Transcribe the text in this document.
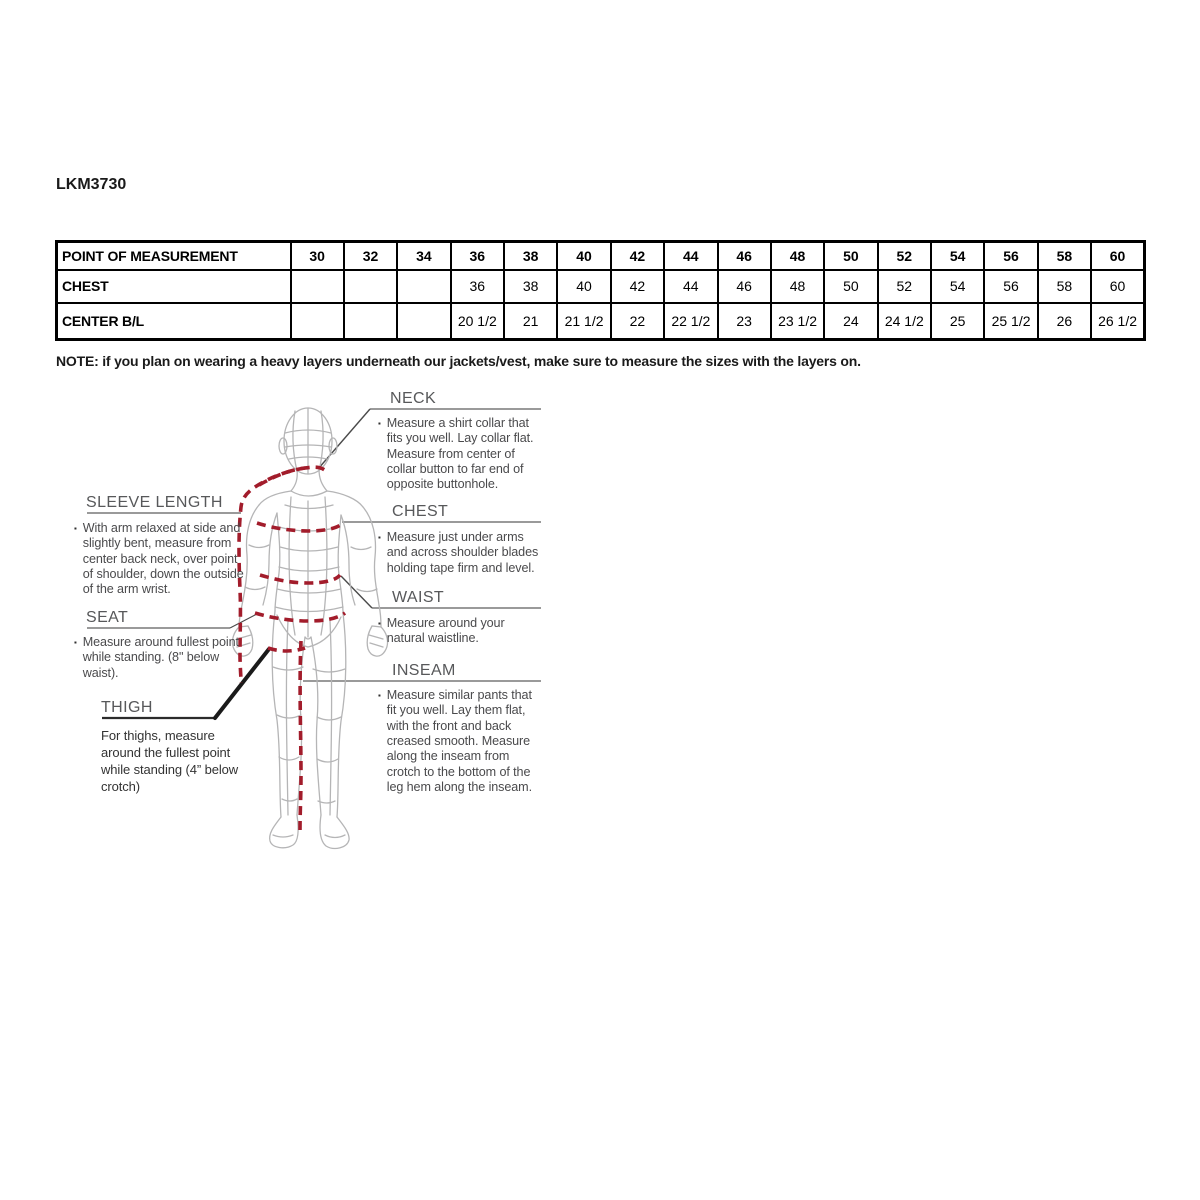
LKM3730
POINT OF MEASUREMENT	30	32	34	36	38	40	42	44	46	48	50	52	54	56	58	60
CHEST				36	38	40	42	44	46	48	50	52	54	56	58	60
CENTER B/L				20 1/2	21	21 1/2	22	22 1/2	23	23 1/2	24	24 1/2	25	25 1/2	26	26 1/2
NOTE: if you plan on wearing a heavy layers underneath our jackets/vest, make sure to measure the sizes with the layers on.
SLEEVE LENGTH
▪ With arm relaxed at side and slightly bent, measure from center back neck, over point of shoulder, down the outside of the arm wrist.
SEAT
▪ Measure around fullest point while standing. (8" below waist).
THIGH
For thighs, measure around the fullest point while standing (4” below crotch)
NECK
▪ Measure a shirt collar that fits you well. Lay collar flat. Measure from center of collar button to far end of opposite buttonhole.
CHEST
▪ Measure just under arms and across shoulder blades holding tape firm and level.
WAIST
▪ Measure around your natural waistline.
INSEAM
▪ Measure similar pants that fit you well. Lay them flat, with the front and back creased smooth. Measure along the inseam from crotch to the bottom of the leg hem along the inseam.
